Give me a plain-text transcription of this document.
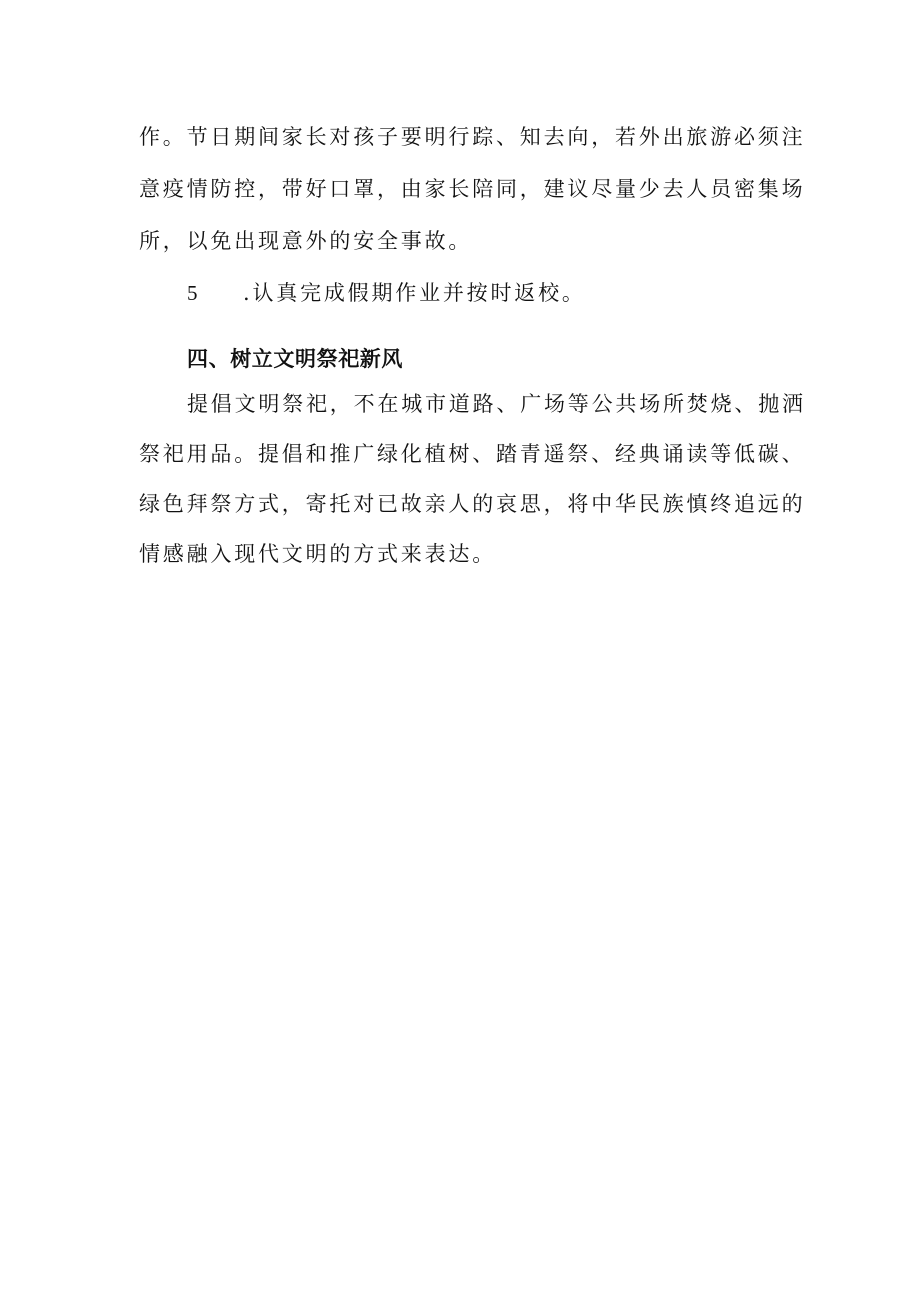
作。节日期间家长对孩子要明行踪、知去向，若外出旅游必须注
意疫情防控，带好口罩，由家长陪同，建议尽量少去人员密集场
所，以免出现意外的安全事故。
5 .认真完成假期作业并按时返校。
四、树立文明祭祀新风
提倡文明祭祀，不在城市道路、广场等公共场所焚烧、抛洒
祭祀用品。提倡和推广绿化植树、踏青遥祭、经典诵读等低碳、
绿色拜祭方式，寄托对已故亲人的哀思，将中华民族慎终追远的
情感融入现代文明的方式来表达。
